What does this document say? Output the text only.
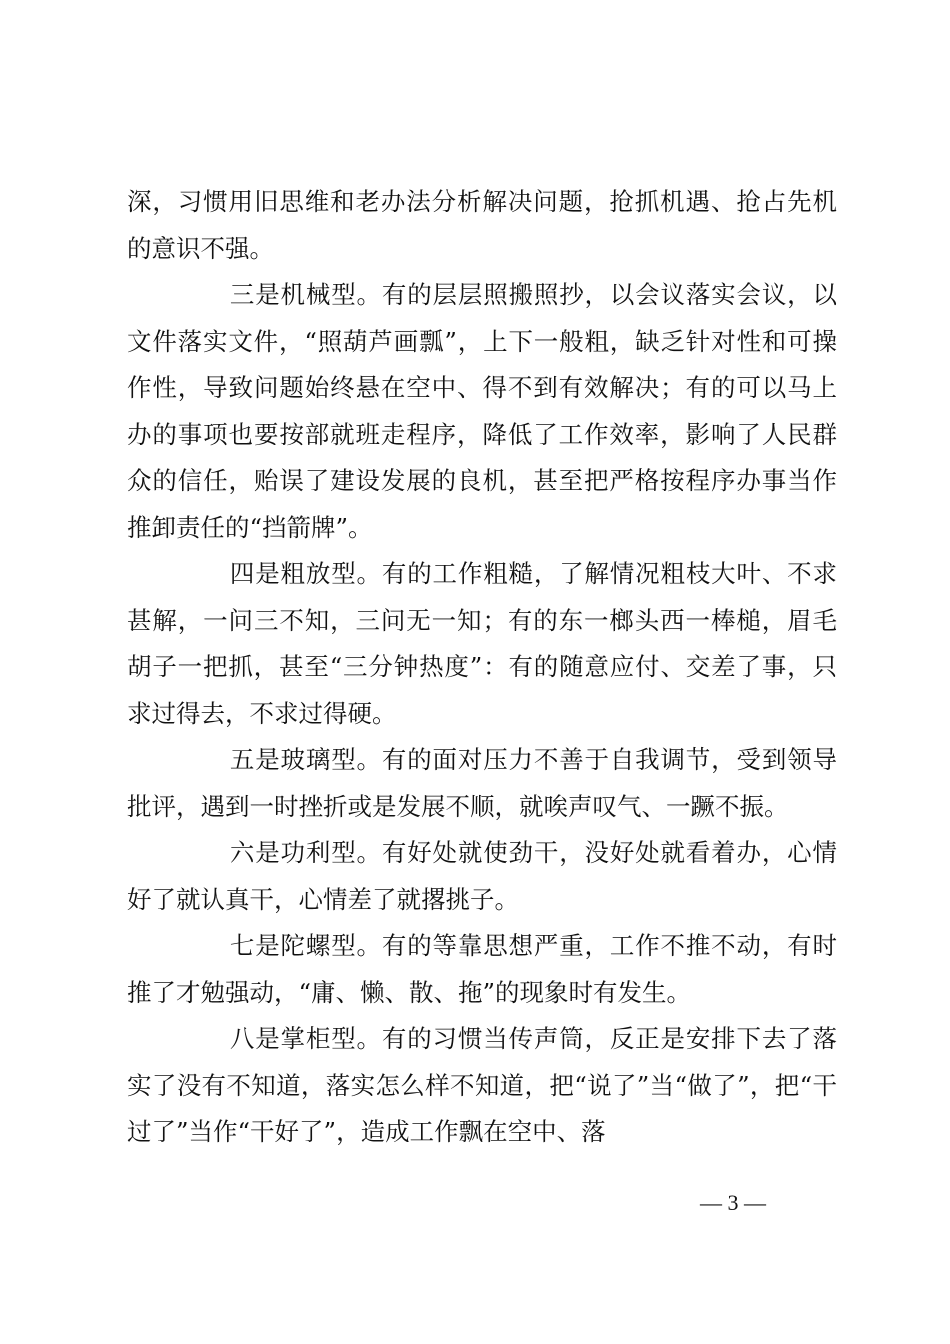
深，习惯用旧思维和老办法分析解决问题，抢抓机遇、抢占先机的意识不强。

三是机械型。有的层层照搬照抄，以会议落实会议，以文件落实文件，“照葫芦画瓢”，上下一般粗，缺乏针对性和可操作性，导致问题始终悬在空中、得不到有效解决；有的可以马上办的事项也要按部就班走程序，降低了工作效率，影响了人民群众的信任，贻误了建设发展的良机，甚至把严格按程序办事当作推卸责任的“挡箭牌”。

四是粗放型。有的工作粗糙，了解情况粗枝大叶、不求甚解，一问三不知，三问无一知；有的东一榔头西一棒槌，眉毛胡子一把抓，甚至“三分钟热度”：有的随意应付、交差了事，只求过得去，不求过得硬。

五是玻璃型。有的面对压力不善于自我调节，受到领导批评，遇到一时挫折或是发展不顺，就唉声叹气、一蹶不振。

六是功利型。有好处就使劲干，没好处就看着办，心情好了就认真干，心情差了就撂挑子。

七是陀螺型。有的等靠思想严重，工作不推不动，有时推了才勉强动，“庸、懒、散、拖”的现象时有发生。

八是掌柜型。有的习惯当传声筒，反正是安排下去了落实了没有不知道，落实怎么样不知道，把“说了”当“做了”，把“干过了”当作“干好了”，造成工作飘在空中、落

— 3 —
